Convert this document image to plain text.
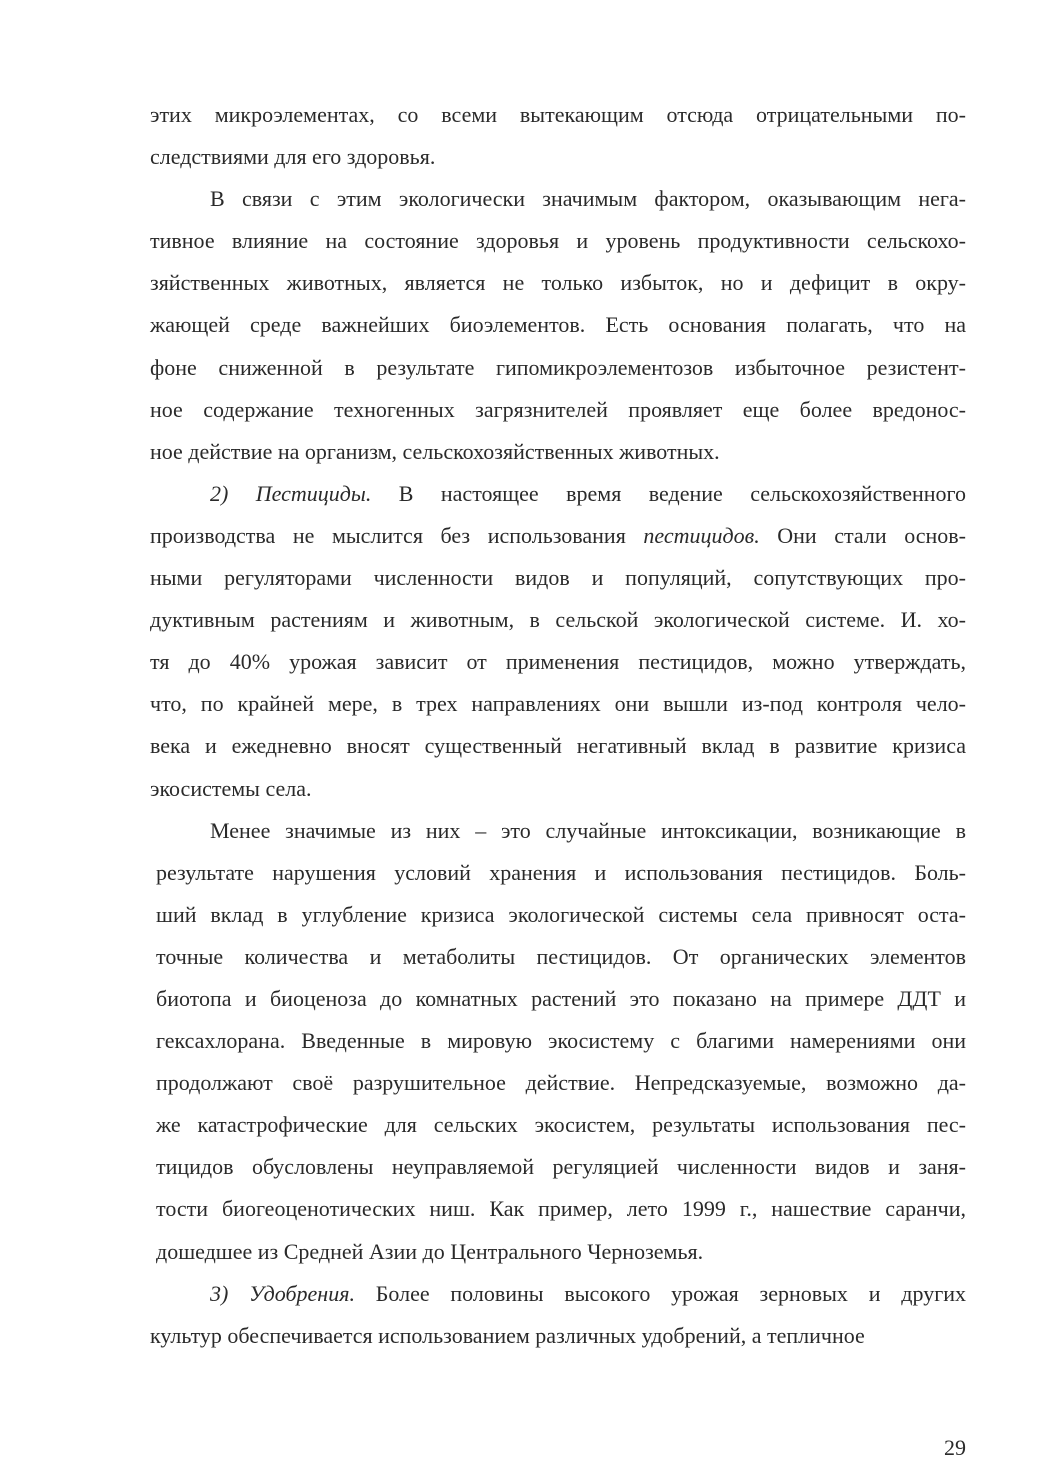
этих микроэлементах, со всеми вытекающим отсюда отрицательными по-
следствиями для его здоровья.
В связи с этим экологически значимым фактором, оказывающим нега-
тивное влияние на состояние здоровья и уровень продуктивности сельскохо-
зяйственных животных, является не только избыток, но и дефицит в окру-
жающей среде важнейших биоэлементов. Есть основания полагать, что на
фоне сниженной в результате гипомикроэлементозов избыточное резистент-
ное содержание техногенных загрязнителей проявляет еще более вредонос-
ное действие на организм, сельскохозяйственных животных.
2) Пестициды. В настоящее время ведение сельскохозяйственного
производства не мыслится без использования пестицидов. Они стали основ-
ными регуляторами численности видов и популяций, сопутствующих про-
дуктивным растениям и животным, в сельской экологической системе. И. хо-
тя до 40% урожая зависит от применения пестицидов, можно утверждать,
что, по крайней мере, в трех направлениях они вышли из-под контроля чело-
века и ежедневно вносят существенный негативный вклад в развитие кризиса
экосистемы села.
Менее значимые из них – это случайные интоксикации, возникающие в
результате нарушения условий хранения и использования пестицидов. Боль-
ший вклад в углубление кризиса экологической системы села привносят оста-
точные количества и метаболиты пестицидов. От органических элементов
биотопа и биоценоза до комнатных растений это показано на примере ДДТ и
гексахлорана. Введенные в мировую экосистему с благими намерениями они
продолжают своё разрушительное действие. Непредсказуемые, возможно да-
же катастрофические для сельских экосистем, результаты использования пес-
тицидов обусловлены неуправляемой регуляцией численности видов и заня-
тости биогеоценотических ниш. Как пример, лето 1999 г., нашествие саранчи,
дошедшее из Средней Азии до Центрального Черноземья.
3) Удобрения. Более половины высокого урожая зерновых и других
культур обеспечивается использованием различных удобрений, а тепличное
29
